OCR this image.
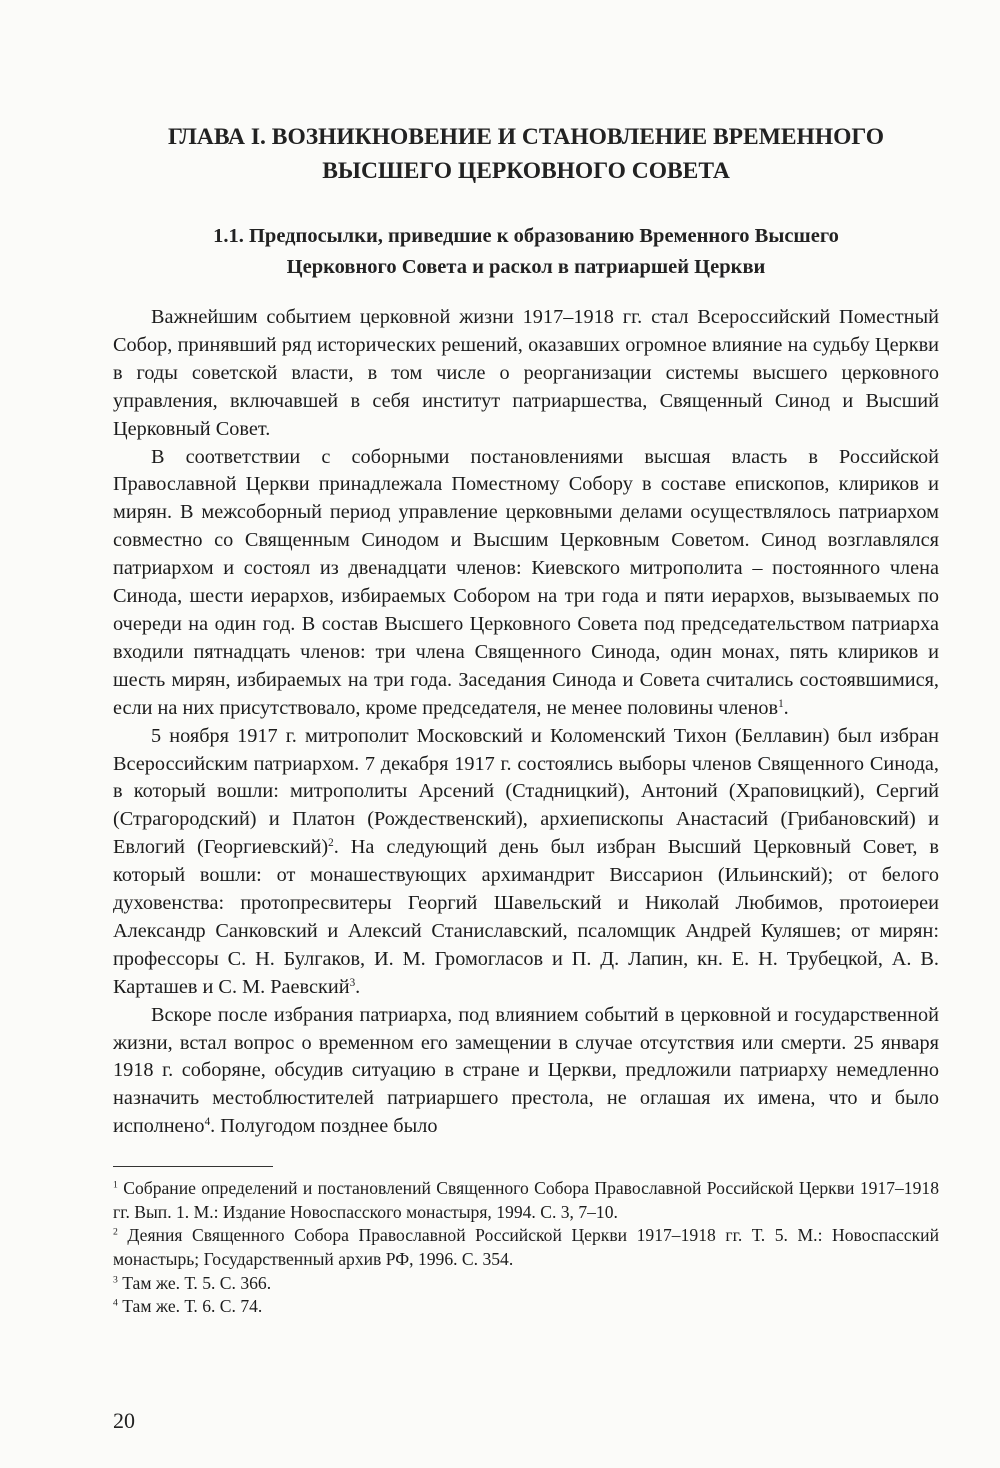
ГЛАВА I. ВОЗНИКНОВЕНИЕ И СТАНОВЛЕНИЕ ВРЕМЕННОГО
ВЫСШЕГО ЦЕРКОВНОГО СОВЕТА
1.1. Предпосылки, приведшие к образованию Временного Высшего
Церковного Совета и раскол в патриаршей Церкви

Важнейшим событием церковной жизни 1917–1918 гг. стал Всероссийский Поместный Собор, принявший ряд исторических решений, оказавших огромное влияние на судьбу Церкви в годы советской власти, в том числе о реорганизации системы высшего церковного управления, включавшей в себя институт патриаршества, Священный Синод и Высший Церковный Совет.

В соответствии с соборными постановлениями высшая власть в Российской Православной Церкви принадлежала Поместному Собору в составе епископов, клириков и мирян. В межсоборный период управление церковными делами осуществлялось патриархом совместно со Священным Синодом и Высшим Церковным Советом. Синод возглавлялся патриархом и состоял из двенадцати членов: Киевского митрополита – постоянного члена Синода, шести иерархов, избираемых Собором на три года и пяти иерархов, вызываемых по очереди на один год. В состав Высшего Церковного Совета под председательством патриарха входили пятнадцать членов: три члена Священного Синода, один монах, пять клириков и шесть мирян, избираемых на три года. Заседания Синода и Совета считались состоявшимися, если на них присутствовало, кроме председателя, не менее половины членов$^1$.

5 ноября 1917 г. митрополит Московский и Коломенский Тихон (Беллавин) был избран Всероссийским патриархом. 7 декабря 1917 г. состоялись выборы членов Священного Синода, в который вошли: митрополиты Арсений (Стадницкий), Антоний (Храповицкий), Сергий (Страгородский) и Платон (Рождественский), архиепископы Анастасий (Грибановский) и Евлогий (Георгиевский)$^2$. На следующий день был избран Высший Церковный Совет, в который вошли: от монашествующих архимандрит Виссарион (Ильинский); от белого духовенства: протопресвитеры Георгий Шавельский и Николай Любимов, протоиереи Александр Санковский и Алексий Станиславский, псаломщик Андрей Куляшев; от мирян: профессоры С. Н. Булгаков, И. М. Громогласов и П. Д. Лапин, кн. Е. Н. Трубецкой, А. В. Карташев и С. М. Раевский$^3$.

Вскоре после избрания патриарха, под влиянием событий в церковной и государственной жизни, встал вопрос о временном его замещении в случае отсутствия или смерти. 25 января 1918 г. соборяне, обсудив ситуацию в стране и Церкви, предложили патриарху немедленно назначить местоблюстителей патриаршего престола, не оглашая их имена, что и было исполнено$^4$. Полугодом позднее было

$^1$ Собрание определений и постановлений Священного Собора Православной Российской Церкви 1917–1918 гг. Вып. 1. М.: Издание Новоспасского монастыря, 1994. С. 3, 7–10.

$^2$ Деяния Священного Собора Православной Российской Церкви 1917–1918 гг. Т. 5. М.: Новоспасский монастырь; Государственный архив РФ, 1996. С. 354.

$^3$ Там же. Т. 5. С. 366.

$^4$ Там же. Т. 6. С. 74.

20
